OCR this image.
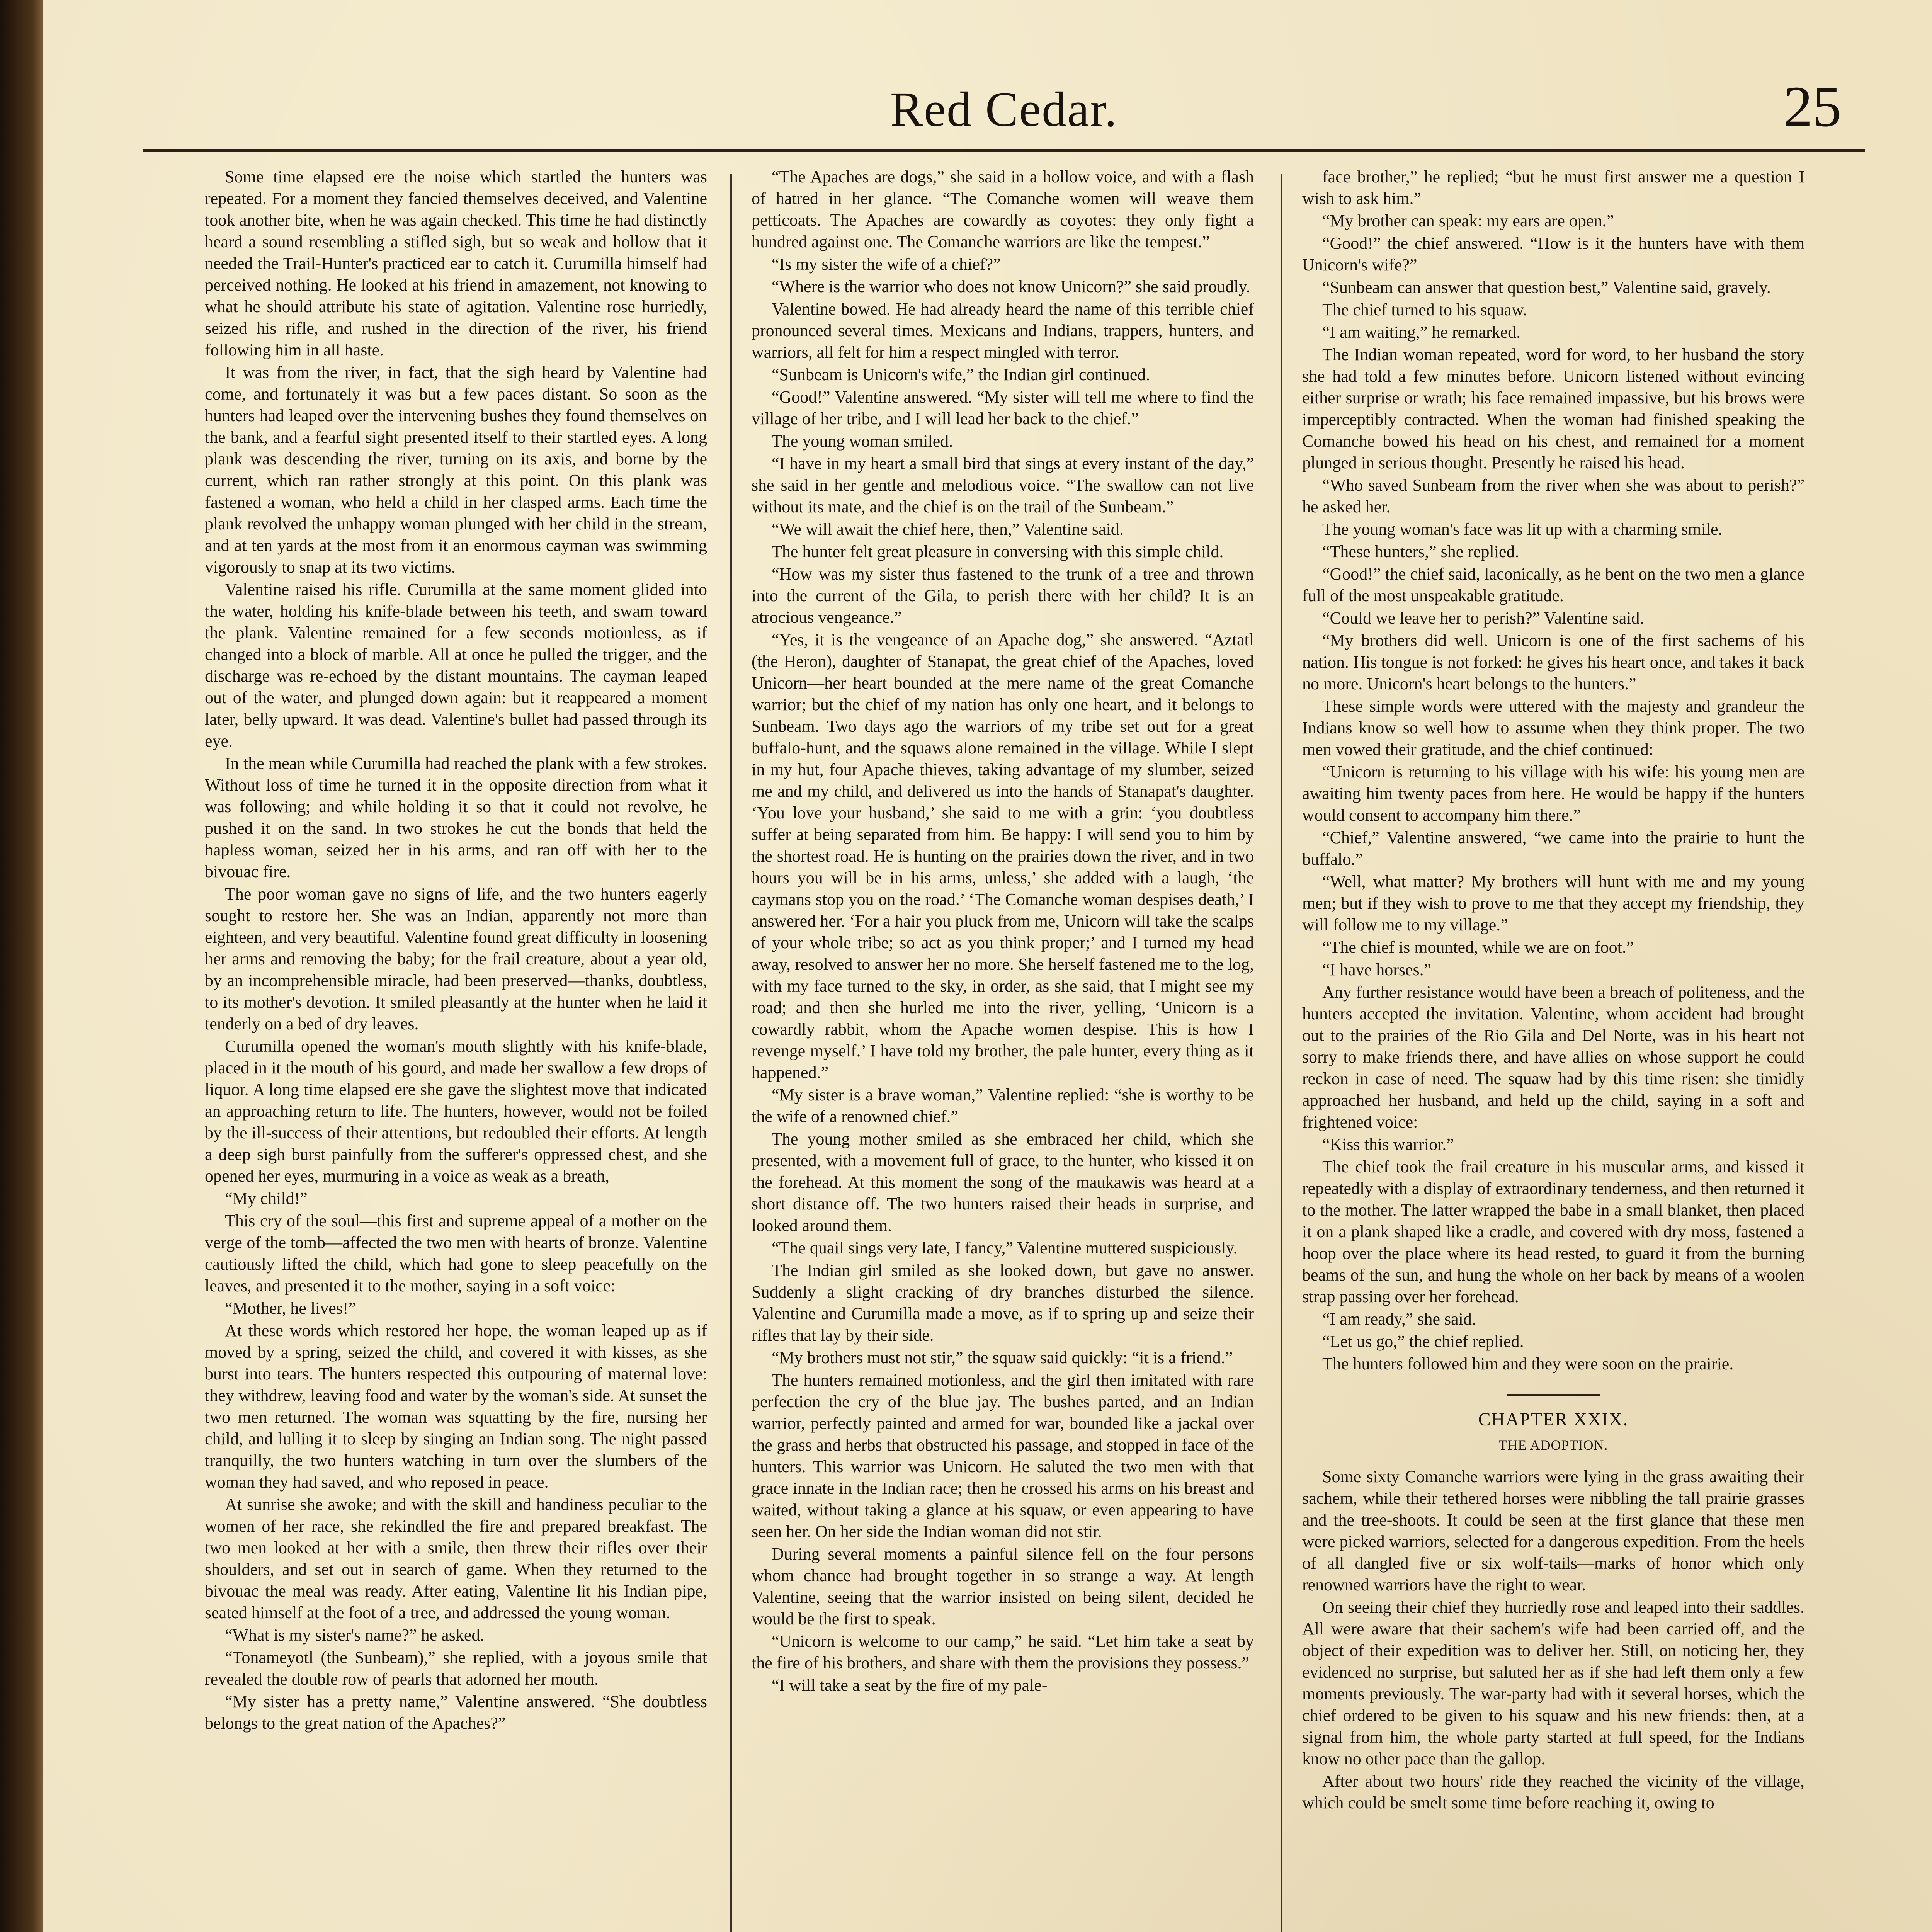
Red Cedar.	25

Some time elapsed ere the noise which startled the hunters was repeated. For a moment they fancied themselves deceived, and Valentine took another bite, when he was again checked. This time he had distinctly heard a sound resembling a stifled sigh, but so weak and hollow that it needed the Trail-Hunter's practiced ear to catch it. Curumilla himself had perceived nothing. He looked at his friend in amazement, not knowing to what he should attribute his state of agitation. Valentine rose hurriedly, seized his rifle, and rushed in the direction of the river, his friend following him in all haste.

It was from the river, in fact, that the sigh heard by Valentine had come, and fortunately it was but a few paces distant. So soon as the hunters had leaped over the intervening bushes they found themselves on the bank, and a fearful sight presented itself to their startled eyes. A long plank was descending the river, turning on its axis, and borne by the current, which ran rather strongly at this point. On this plank was fastened a woman, who held a child in her clasped arms. Each time the plank revolved the unhappy woman plunged with her child in the stream, and at ten yards at the most from it an enormous cayman was swimming vigorously to snap at its two victims.

Valentine raised his rifle. Curumilla at the same moment glided into the water, holding his knife-blade between his teeth, and swam toward the plank. Valentine remained for a few seconds motionless, as if changed into a block of marble. All at once he pulled the trigger, and the discharge was re-echoed by the distant mountains. The cayman leaped out of the water, and plunged down again: but it reappeared a moment later, belly upward. It was dead. Valentine's bullet had passed through its eye.

In the mean while Curumilla had reached the plank with a few strokes. Without loss of time he turned it in the opposite direction from what it was following; and while holding it so that it could not revolve, he pushed it on the sand. In two strokes he cut the bonds that held the hapless woman, seized her in his arms, and ran off with her to the bivouac fire.

The poor woman gave no signs of life, and the two hunters eagerly sought to restore her. She was an Indian, apparently not more than eighteen, and very beautiful. Valentine found great difficulty in loosening her arms and removing the baby; for the frail creature, about a year old, by an incomprehensible miracle, had been preserved—thanks, doubtless, to its mother's devotion. It smiled pleasantly at the hunter when he laid it tenderly on a bed of dry leaves.

Curumilla opened the woman's mouth slightly with his knife-blade, placed in it the mouth of his gourd, and made her swallow a few drops of liquor. A long time elapsed ere she gave the slightest move that indicated an approaching return to life. The hunters, however, would not be foiled by the ill-success of their attentions, but redoubled their efforts. At length a deep sigh burst painfully from the sufferer's oppressed chest, and she opened her eyes, murmuring in a voice as weak as a breath,

“My child!”

This cry of the soul—this first and supreme appeal of a mother on the verge of the tomb—affected the two men with hearts of bronze. Valentine cautiously lifted the child, which had gone to sleep peacefully on the leaves, and presented it to the mother, saying in a soft voice:

“Mother, he lives!”

At these words which restored her hope, the woman leaped up as if moved by a spring, seized the child, and covered it with kisses, as she burst into tears. The hunters respected this outpouring of maternal love: they withdrew, leaving food and water by the woman's side. At sunset the two men returned. The woman was squatting by the fire, nursing her child, and lulling it to sleep by singing an Indian song. The night passed tranquilly, the two hunters watching in turn over the slumbers of the woman they had saved, and who reposed in peace.

At sunrise she awoke; and with the skill and handiness peculiar to the women of her race, she rekindled the fire and prepared breakfast. The two men looked at her with a smile, then threw their rifles over their shoulders, and set out in search of game. When they returned to the bivouac the meal was ready. After eating, Valentine lit his Indian pipe, seated himself at the foot of a tree, and addressed the young woman.

“What is my sister's name?” he asked.

“Tonameyotl (the Sunbeam),” she replied, with a joyous smile that revealed the double row of pearls that adorned her mouth.

“My sister has a pretty name,” Valentine answered. “She doubtless belongs to the great nation of the Apaches?”

“The Apaches are dogs,” she said in a hollow voice, and with a flash of hatred in her glance. “The Comanche women will weave them petticoats. The Apaches are cowardly as coyotes: they only fight a hundred against one. The Comanche warriors are like the tempest.”

“Is my sister the wife of a chief?”

“Where is the warrior who does not know Unicorn?” she said proudly.

Valentine bowed. He had already heard the name of this terrible chief pronounced several times. Mexicans and Indians, trappers, hunters, and warriors, all felt for him a respect mingled with terror.

“Sunbeam is Unicorn's wife,” the Indian girl continued.

“Good!” Valentine answered. “My sister will tell me where to find the village of her tribe, and I will lead her back to the chief.”

The young woman smiled.

“I have in my heart a small bird that sings at every instant of the day,” she said in her gentle and melodious voice. “The swallow can not live without its mate, and the chief is on the trail of the Sunbeam.”

“We will await the chief here, then,” Valentine said.

The hunter felt great pleasure in conversing with this simple child.

“How was my sister thus fastened to the trunk of a tree and thrown into the current of the Gila, to perish there with her child? It is an atrocious vengeance.”

“Yes, it is the vengeance of an Apache dog,” she answered. “Aztatl (the Heron), daughter of Stanapat, the great chief of the Apaches, loved Unicorn—her heart bounded at the mere name of the great Comanche warrior; but the chief of my nation has only one heart, and it belongs to Sunbeam. Two days ago the warriors of my tribe set out for a great buffalo-hunt, and the squaws alone remained in the village. While I slept in my hut, four Apache thieves, taking advantage of my slumber, seized me and my child, and delivered us into the hands of Stanapat's daughter. ‘You love your husband,’ she said to me with a grin: ‘you doubtless suffer at being separated from him. Be happy: I will send you to him by the shortest road. He is hunting on the prairies down the river, and in two hours you will be in his arms, unless,’ she added with a laugh, ‘the caymans stop you on the road.’ ‘The Comanche woman despises death,’ I answered her. ‘For a hair you pluck from me, Unicorn will take the scalps of your whole tribe; so act as you think proper;’ and I turned my head away, resolved to answer her no more. She herself fastened me to the log, with my face turned to the sky, in order, as she said, that I might see my road; and then she hurled me into the river, yelling, ‘Unicorn is a cowardly rabbit, whom the Apache women despise. This is how I revenge myself.’ I have told my brother, the pale hunter, every thing as it happened.”

“My sister is a brave woman,” Valentine replied: “she is worthy to be the wife of a renowned chief.”

The young mother smiled as she embraced her child, which she presented, with a movement full of grace, to the hunter, who kissed it on the forehead. At this moment the song of the maukawis was heard at a short distance off. The two hunters raised their heads in surprise, and looked around them.

“The quail sings very late, I fancy,” Valentine muttered suspiciously.

The Indian girl smiled as she looked down, but gave no answer. Suddenly a slight cracking of dry branches disturbed the silence. Valentine and Curumilla made a move, as if to spring up and seize their rifles that lay by their side.

“My brothers must not stir,” the squaw said quickly: “it is a friend.”

The hunters remained motionless, and the girl then imitated with rare perfection the cry of the blue jay. The bushes parted, and an Indian warrior, perfectly painted and armed for war, bounded like a jackal over the grass and herbs that obstructed his passage, and stopped in face of the hunters. This warrior was Unicorn. He saluted the two men with that grace innate in the Indian race; then he crossed his arms on his breast and waited, without taking a glance at his squaw, or even appearing to have seen her. On her side the Indian woman did not stir.

During several moments a painful silence fell on the four persons whom chance had brought together in so strange a way. At length Valentine, seeing that the warrior insisted on being silent, decided he would be the first to speak.

“Unicorn is welcome to our camp,” he said. “Let him take a seat by the fire of his brothers, and share with them the provisions they possess.”

“I will take a seat by the fire of my pale-

face brother,” he replied; “but he must first answer me a question I wish to ask him.”

“My brother can speak: my ears are open.”

“Good!” the chief answered. “How is it the hunters have with them Unicorn's wife?”

“Sunbeam can answer that question best,” Valentine said, gravely.

The chief turned to his squaw.

“I am waiting,” he remarked.

The Indian woman repeated, word for word, to her husband the story she had told a few minutes before. Unicorn listened without evincing either surprise or wrath; his face remained impassive, but his brows were imperceptibly contracted. When the woman had finished speaking the Comanche bowed his head on his chest, and remained for a moment plunged in serious thought. Presently he raised his head.

“Who saved Sunbeam from the river when she was about to perish?” he asked her.

The young woman's face was lit up with a charming smile.

“These hunters,” she replied.

“Good!” the chief said, laconically, as he bent on the two men a glance full of the most unspeakable gratitude.

“Could we leave her to perish?” Valentine said.

“My brothers did well. Unicorn is one of the first sachems of his nation. His tongue is not forked: he gives his heart once, and takes it back no more. Unicorn's heart belongs to the hunters.”

These simple words were uttered with the majesty and grandeur the Indians know so well how to assume when they think proper. The two men vowed their gratitude, and the chief continued:

“Unicorn is returning to his village with his wife: his young men are awaiting him twenty paces from here. He would be happy if the hunters would consent to accompany him there.”

“Chief,” Valentine answered, “we came into the prairie to hunt the buffalo.”

“Well, what matter? My brothers will hunt with me and my young men; but if they wish to prove to me that they accept my friendship, they will follow me to my village.”

“The chief is mounted, while we are on foot.”

“I have horses.”

Any further resistance would have been a breach of politeness, and the hunters accepted the invitation. Valentine, whom accident had brought out to the prairies of the Rio Gila and Del Norte, was in his heart not sorry to make friends there, and have allies on whose support he could reckon in case of need. The squaw had by this time risen: she timidly approached her husband, and held up the child, saying in a soft and frightened voice:

“Kiss this warrior.”

The chief took the frail creature in his muscular arms, and kissed it repeatedly with a display of extraordinary tenderness, and then returned it to the mother. The latter wrapped the babe in a small blanket, then placed it on a plank shaped like a cradle, and covered with dry moss, fastened a hoop over the place where its head rested, to guard it from the burning beams of the sun, and hung the whole on her back by means of a woolen strap passing over her forehead.

“I am ready,” she said.

“Let us go,” the chief replied.

The hunters followed him and they were soon on the prairie.

CHAPTER XXIX.
THE ADOPTION.

Some sixty Comanche warriors were lying in the grass awaiting their sachem, while their tethered horses were nibbling the tall prairie grasses and the tree-shoots. It could be seen at the first glance that these men were picked warriors, selected for a dangerous expedition. From the heels of all dangled five or six wolf-tails—marks of honor which only renowned warriors have the right to wear.

On seeing their chief they hurriedly rose and leaped into their saddles. All were aware that their sachem's wife had been carried off, and the object of their expedition was to deliver her. Still, on noticing her, they evidenced no surprise, but saluted her as if she had left them only a few moments previously. The war-party had with it several horses, which the chief ordered to be given to his squaw and his new friends: then, at a signal from him, the whole party started at full speed, for the Indians know no other pace than the gallop.

After about two hours' ride they reached the vicinity of the village, which could be smelt some time before reaching it, owing to
